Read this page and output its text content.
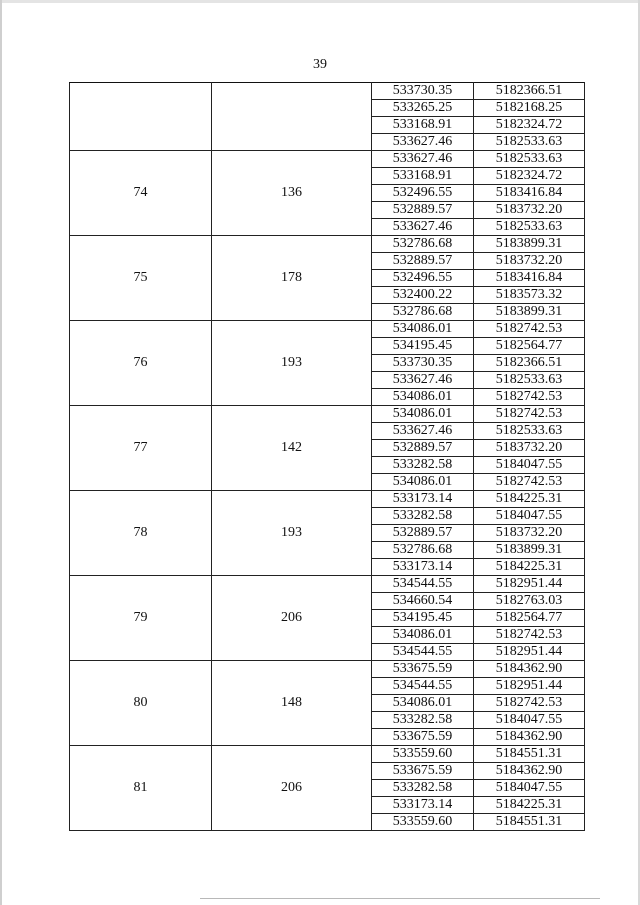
39
		533730.35	5182366.51
		533265.25	5182168.25
		533168.91	5182324.72
		533627.46	5182533.63
74	136	533627.46	5182533.63
		533168.91	5182324.72
		532496.55	5183416.84
		532889.57	5183732.20
		533627.46	5182533.63
75	178	532786.68	5183899.31
		532889.57	5183732.20
		532496.55	5183416.84
		532400.22	5183573.32
		532786.68	5183899.31
76	193	534086.01	5182742.53
		534195.45	5182564.77
		533730.35	5182366.51
		533627.46	5182533.63
		534086.01	5182742.53
77	142	534086.01	5182742.53
		533627.46	5182533.63
		532889.57	5183732.20
		533282.58	5184047.55
		534086.01	5182742.53
78	193	533173.14	5184225.31
		533282.58	5184047.55
		532889.57	5183732.20
		532786.68	5183899.31
		533173.14	5184225.31
79	206	534544.55	5182951.44
		534660.54	5182763.03
		534195.45	5182564.77
		534086.01	5182742.53
		534544.55	5182951.44
80	148	533675.59	5184362.90
		534544.55	5182951.44
		534086.01	5182742.53
		533282.58	5184047.55
		533675.59	5184362.90
81	206	533559.60	5184551.31
		533675.59	5184362.90
		533282.58	5184047.55
		533173.14	5184225.31
		533559.60	5184551.31
